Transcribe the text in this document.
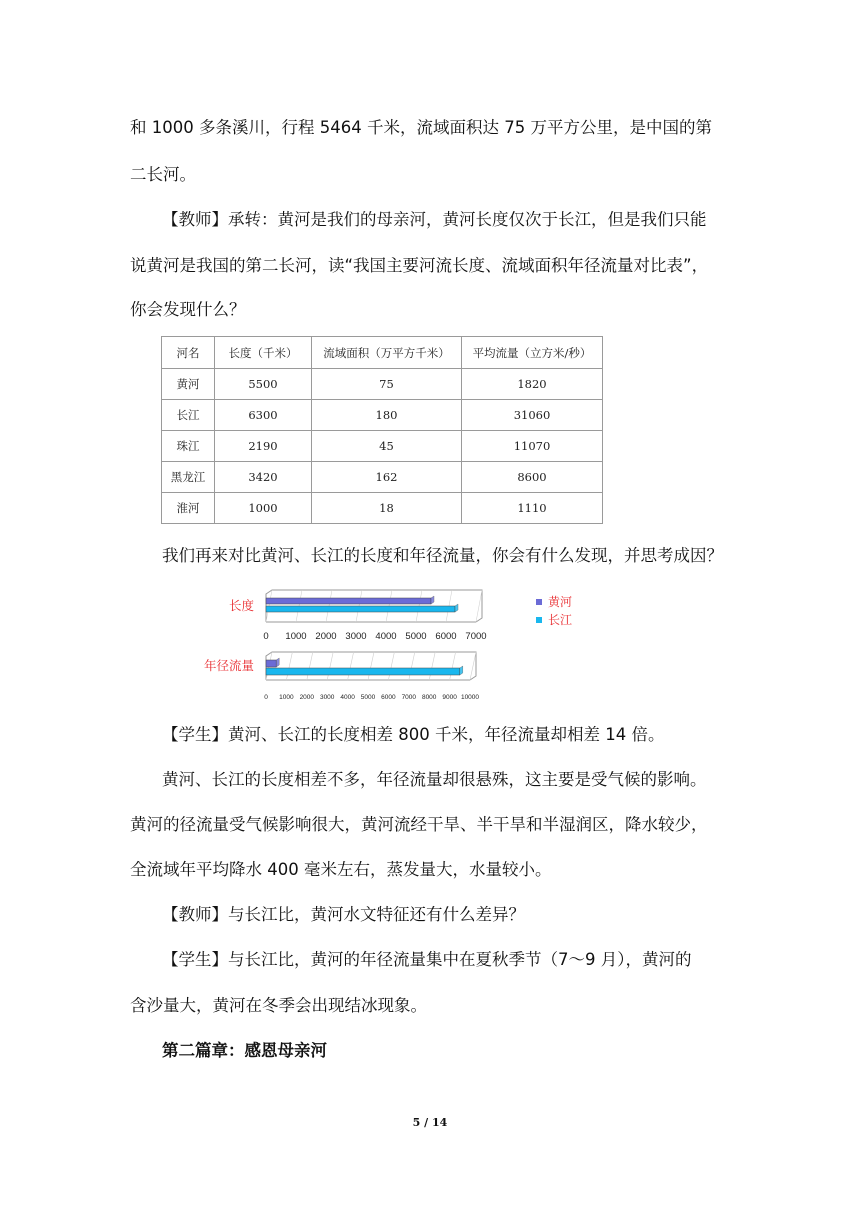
和 1000 多条溪川，行程 5464 千米，流域面积达 75 万平方公里，是中国的第

二长河。

【教师】承转：黄河是我们的母亲河，黄河长度仅次于长江，但是我们只能

说黄河是我国的第二长河，读“我国主要河流长度、流域面积年径流量对比表”，

你会发现什么？

河名	长度（千米）	流域面积（万平方千米）	平均流量（立方米/秒）
黄河	5500	75	1820
长江	6300	180	31060
珠江	2190	45	11070
黑龙江	3420	162	8600
淮河	1000	18	1110

我们再来对比黄河、长江的长度和年径流量，你会有什么发现，并思考成因？

0 1000 2000 3000 4000 5000 6000 7000
长度
0 1000 2000 3000 4000 5000 6000 7000 8000 9000 10000
年径流量
黄河
长江

【学生】黄河、长江的长度相差 800 千米，年径流量却相差 14 倍。

黄河、长江的长度相差不多，年径流量却很悬殊，这主要是受气候的影响。

黄河的径流量受气候影响很大，黄河流经干旱、半干旱和半湿润区，降水较少，

全流域年平均降水 400 毫米左右，蒸发量大，水量较小。

【教师】与长江比，黄河水文特征还有什么差异？

【学生】与长江比，黄河的年径流量集中在夏秋季节（7～9 月），黄河的

含沙量大，黄河在冬季会出现结冰现象。

第二篇章：感恩母亲河

5 / 14
